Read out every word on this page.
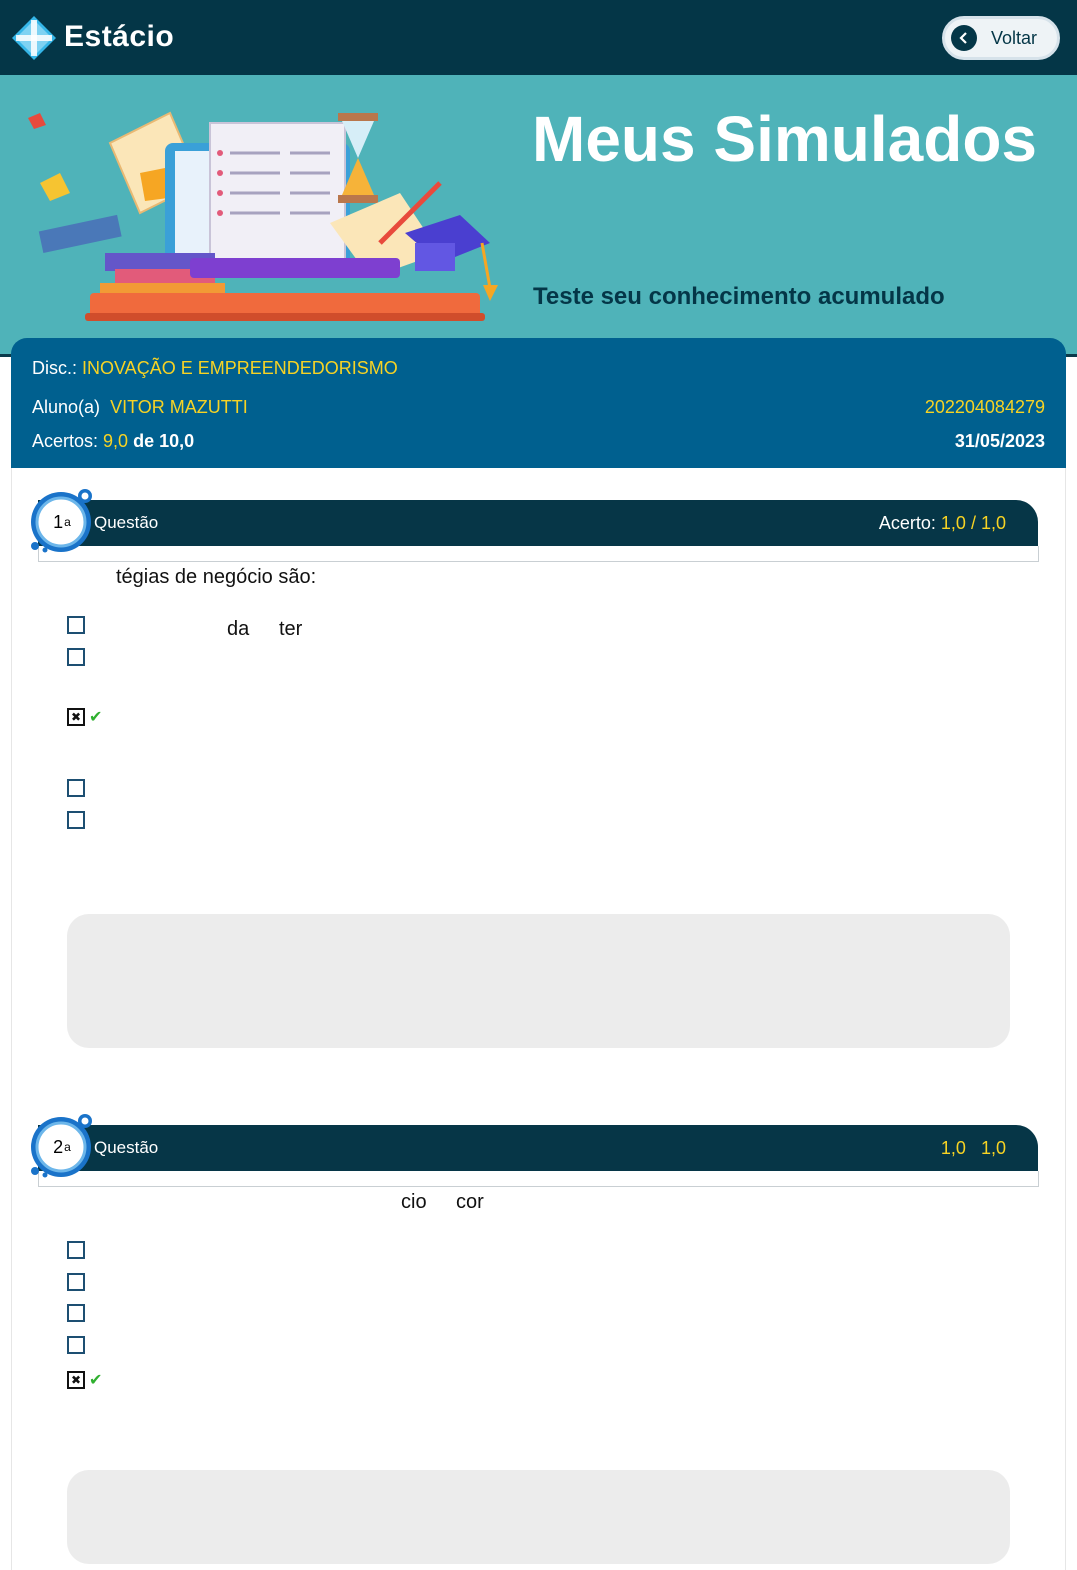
Estácio	Voltar
Meus Simulados
Teste seu conhecimento acumulado
Disc.: INOVAÇÃO E EMPREENDEDORISMO
Aluno(a) VITOR MAZUTTI	202204084279
Acertos: 9,0 de 10,0	31/05/2023
Questão	Acerto: 1,0 / 1,0
1 a
tégias de negócio são:
da ter
✖ ✔
Questão	1,0 1,0
2 a
cio cor
✖ ✔
